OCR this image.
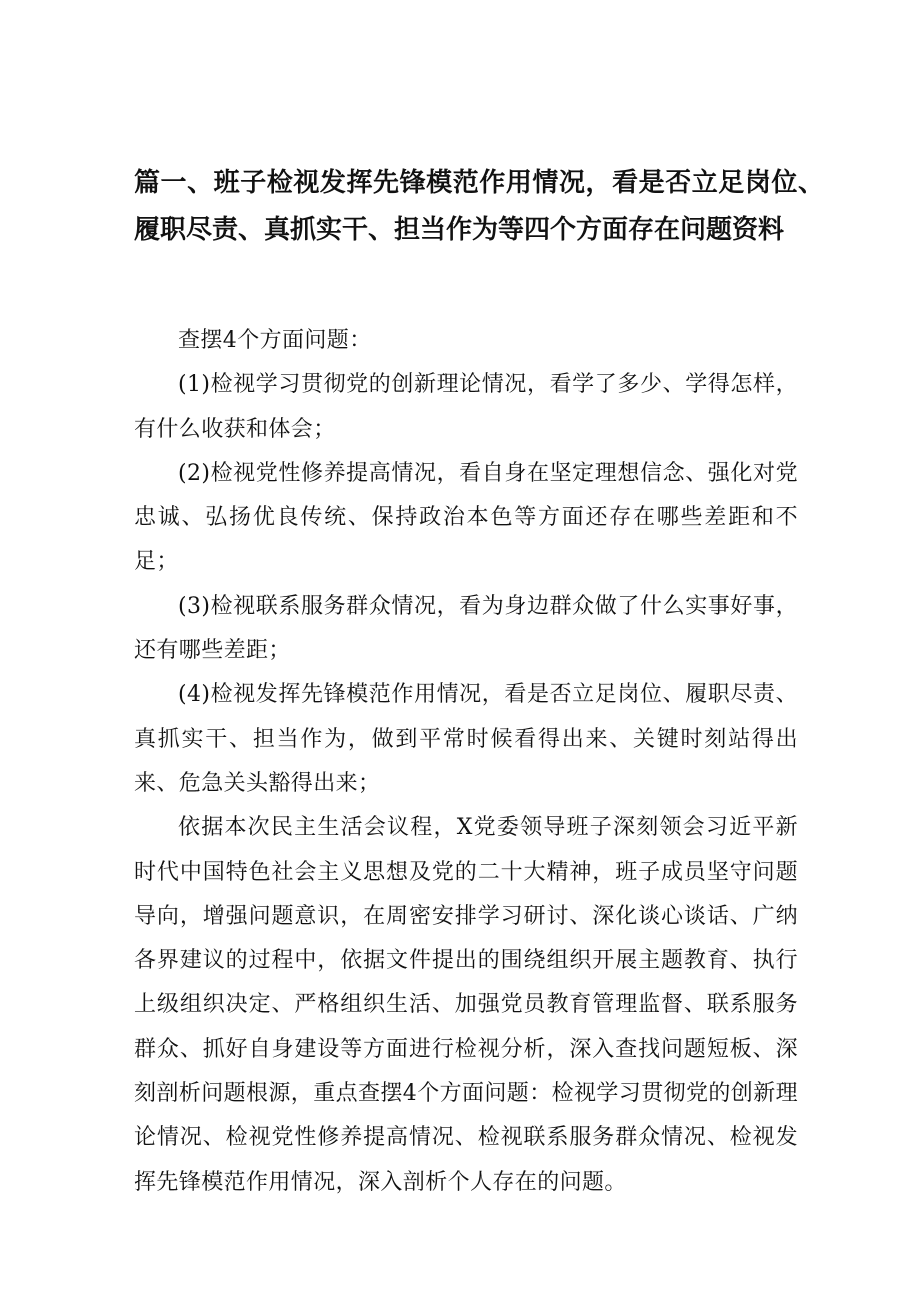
篇一、班子检视发挥先锋模范作用情况，看是否立足岗位、履职尽责、真抓实干、担当作为等四个方面存在问题资料

查摆4个方面问题：

(1)检视学习贯彻党的创新理论情况，看学了多少、学得怎样，有什么收获和体会；

(2)检视党性修养提高情况，看自身在坚定理想信念、强化对党忠诚、弘扬优良传统、保持政治本色等方面还存在哪些差距和不足；

(3)检视联系服务群众情况，看为身边群众做了什么实事好事，还有哪些差距；

(4)检视发挥先锋模范作用情况，看是否立足岗位、履职尽责、真抓实干、担当作为，做到平常时候看得出来、关键时刻站得出来、危急关头豁得出来；

依据本次民主生活会议程，X党委领导班子深刻领会习近平新时代中国特色社会主义思想及党的二十大精神，班子成员坚守问题导向，增强问题意识，在周密安排学习研讨、深化谈心谈话、广纳各界建议的过程中，依据文件提出的围绕组织开展主题教育、执行上级组织决定、严格组织生活、加强党员教育管理监督、联系服务群众、抓好自身建设等方面进行检视分析，深入查找问题短板、深刻剖析问题根源，重点查摆4个方面问题：检视学习贯彻党的创新理论情况、检视党性修养提高情况、检视联系服务群众情况、检视发挥先锋模范作用情况，深入剖析个人存在的问题。
